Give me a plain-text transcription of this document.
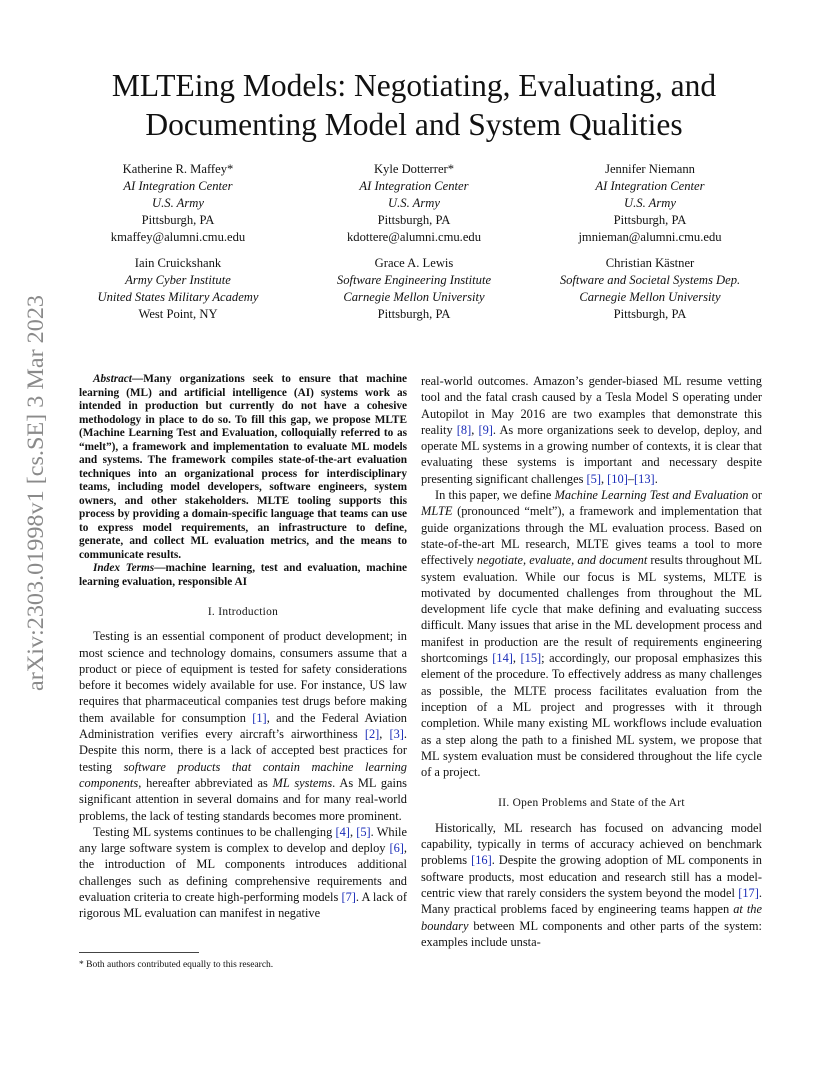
arXiv:2303.01998v1 [cs.SE] 3 Mar 2023
MLTEing Models: Negotiating, Evaluating, and Documenting Model and System Qualities
Katherine R. Maffey*
AI Integration Center
U.S. Army
Pittsburgh, PA
kmaffey@alumni.cmu.edu
Kyle Dotterrer*
AI Integration Center
U.S. Army
Pittsburgh, PA
kdottere@alumni.cmu.edu
Jennifer Niemann
AI Integration Center
U.S. Army
Pittsburgh, PA
jmnieman@alumni.cmu.edu
Iain Cruickshank
Army Cyber Institute
United States Military Academy
West Point, NY
Grace A. Lewis
Software Engineering Institute
Carnegie Mellon University
Pittsburgh, PA
Christian Kästner
Software and Societal Systems Dep.
Carnegie Mellon University
Pittsburgh, PA

Abstract—Many organizations seek to ensure that machine learning (ML) and artificial intelligence (AI) systems work as intended in production but currently do not have a cohesive methodology in place to do so. To fill this gap, we propose MLTE (Machine Learning Test and Evaluation, colloquially referred to as “melt”), a framework and implementation to evaluate ML models and systems. The framework compiles state-of-the-art evaluation techniques into an organizational process for interdisciplinary teams, including model developers, software engineers, system owners, and other stakeholders. MLTE tooling supports this process by providing a domain-specific language that teams can use to express model requirements, an infrastructure to define, generate, and collect ML evaluation metrics, and the means to communicate results.

Index Terms—machine learning, test and evaluation, machine learning evaluation, responsible AI

I. Introduction

Testing is an essential component of product development; in most science and technology domains, consumers assume that a product or piece of equipment is tested for safety considerations before it becomes widely available for use. For instance, US law requires that pharmaceutical companies test drugs before making them available for consumption [1], and the Federal Aviation Administration verifies every aircraft’s airworthiness [2], [3]. Despite this norm, there is a lack of accepted best practices for testing software products that contain machine learning components, hereafter abbreviated as ML systems. As ML gains significant attention in several domains and for many real-world problems, the lack of testing standards becomes more prominent.

Testing ML systems continues to be challenging [4], [5]. While any large software system is complex to develop and deploy [6], the introduction of ML components introduces additional challenges such as defining comprehensive requirements and evaluation criteria to create high-performing models [7]. A lack of rigorous ML evaluation can manifest in negative

* Both authors contributed equally to this research.

real-world outcomes. Amazon’s gender-biased ML resume vetting tool and the fatal crash caused by a Tesla Model S operating under Autopilot in May 2016 are two examples that demonstrate this reality [8], [9]. As more organizations seek to develop, deploy, and operate ML systems in a growing number of contexts, it is clear that evaluating these systems is important and necessary despite presenting significant challenges [5], [10]–[13].

In this paper, we define Machine Learning Test and Evaluation or MLTE (pronounced “melt”), a framework and implementation that guide organizations through the ML evaluation process. Based on state-of-the-art ML research, MLTE gives teams a tool to more effectively negotiate, evaluate, and document results throughout ML system evaluation. While our focus is ML systems, MLTE is motivated by documented challenges from throughout the ML development life cycle that make defining and evaluating success difficult. Many issues that arise in the ML development process and manifest in production are the result of requirements engineering shortcomings [14], [15]; accordingly, our proposal emphasizes this element of the procedure. To effectively address as many challenges as possible, the MLTE process facilitates evaluation from the inception of a ML project and progresses with it through completion. While many existing ML workflows include evaluation as a step along the path to a finished ML system, we propose that ML system evaluation must be considered throughout the life cycle of a project.

II. Open Problems and State of the Art

Historically, ML research has focused on advancing model capability, typically in terms of accuracy achieved on benchmark problems [16]. Despite the growing adoption of ML components in software products, most education and research still has a model-centric view that rarely considers the system beyond the model [17]. Many practical problems faced by engineering teams happen at the boundary between ML components and other parts of the system: examples include unsta-
